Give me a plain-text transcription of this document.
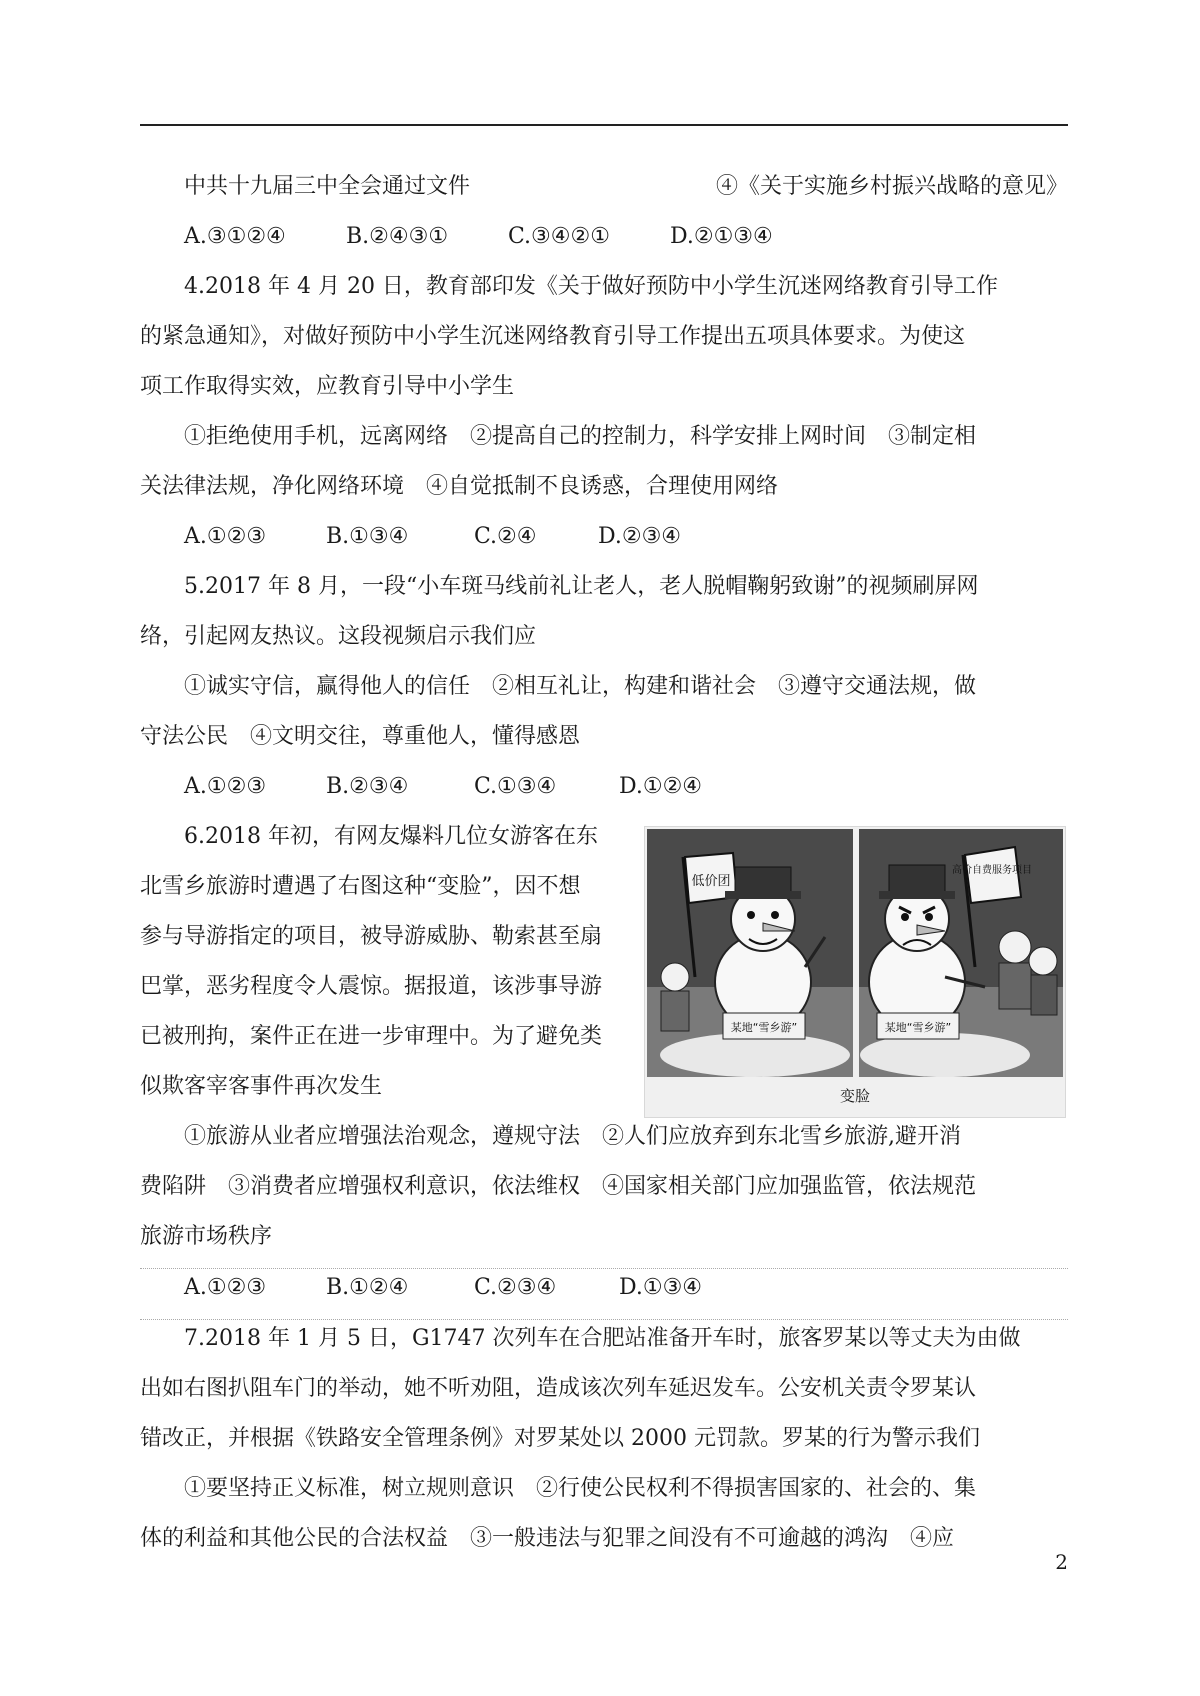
中共十九届三中全会通过文件	④《关于实施乡村振兴战略的意见》
A.③①②④	B.②④③①	C.③④②①	D.②①③④
4.2018 年 4 月 20 日，教育部印发《关于做好预防中小学生沉迷网络教育引导工作
的紧急通知》，对做好预防中小学生沉迷网络教育引导工作提出五项具体要求。为使这
项工作取得实效，应教育引导中小学生
①拒绝使用手机，远离网络　②提高自己的控制力，科学安排上网时间　③制定相
关法律法规，净化网络环境　④自觉抵制不良诱惑，合理使用网络
A.①②③	B.①③④	C.②④	D.②③④
5.2017 年 8 月，一段“小车斑马线前礼让老人，老人脱帽鞠躬致谢”的视频刷屏网
络，引起网友热议。这段视频启示我们应
①诚实守信，赢得他人的信任　②相互礼让，构建和谐社会　③遵守交通法规，做
守法公民　④文明交往，尊重他人，懂得感恩
A.①②③	B.②③④	C.①③④	D.①②④
6.2018 年初，有网友爆料几位女游客在东
北雪乡旅游时遭遇了右图这种“变脸”，因不想
参与导游指定的项目，被导游威胁、勒索甚至扇
巴掌，恶劣程度令人震惊。据报道，该涉事导游
已被刑拘，案件正在进一步审理中。为了避免类
似欺客宰客事件再次发生
低价团
某地“雪乡游”
高价自费服务项目
某地“雪乡游”
变脸
①旅游从业者应增强法治观念，遵规守法　②人们应放弃到东北雪乡旅游,避开消
费陷阱　③消费者应增强权利意识，依法维权　④国家相关部门应加强监管，依法规范
旅游市场秩序
A.①②③	B.①②④	C.②③④	D.①③④
7.2018 年 1 月 5 日，G1747 次列车在合肥站准备开车时，旅客罗某以等丈夫为由做
出如右图扒阻车门的举动，她不听劝阻，造成该次列车延迟发车。公安机关责令罗某认
错改正，并根据《铁路安全管理条例》对罗某处以 2000 元罚款。罗某的行为警示我们
①要坚持正义标准，树立规则意识　②行使公民权利不得损害国家的、社会的、集
体的利益和其他公民的合法权益　③一般违法与犯罪之间没有不可逾越的鸿沟　④应
2
